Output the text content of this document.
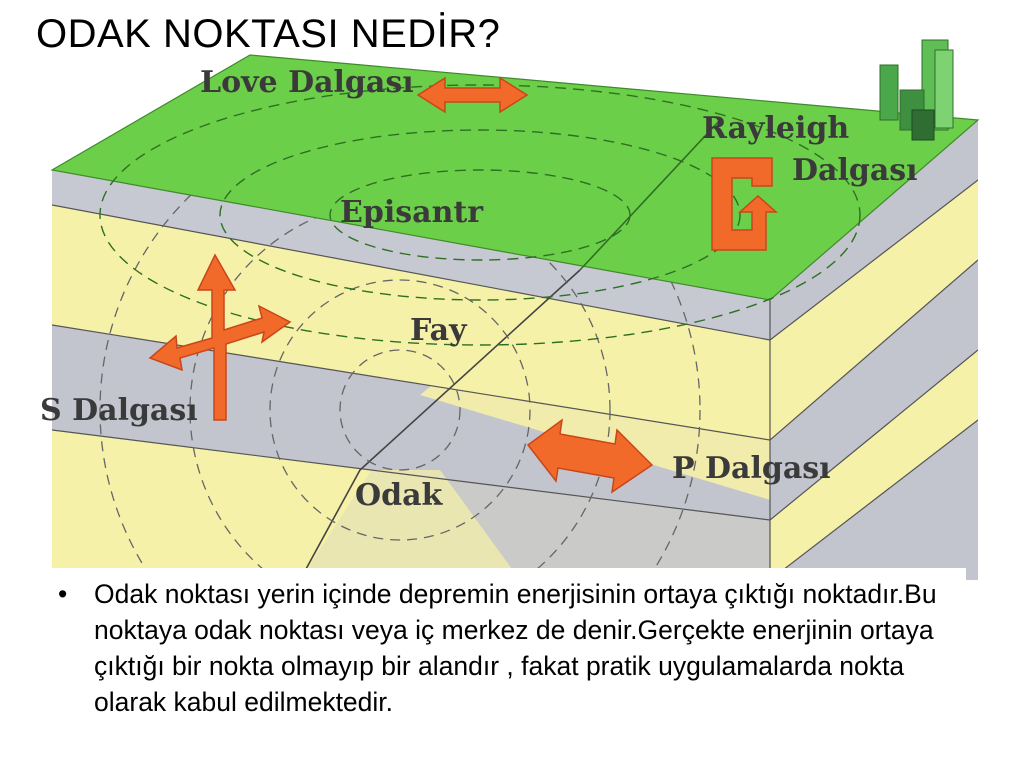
ODAK NOKTASI NEDİR?
Love Dalgası
Rayleigh
Dalgası
Episantr
Fay
S Dalgası
P Dalgası
Odak
• Odak noktası yerin içinde depremin enerjisinin ortaya çıktığı noktadır.Bu noktaya odak noktası veya iç merkez de denir.Gerçekte enerjinin ortaya çıktığı bir nokta olmayıp bir alandır , fakat pratik uygulamalarda nokta olarak kabul edilmektedir.
